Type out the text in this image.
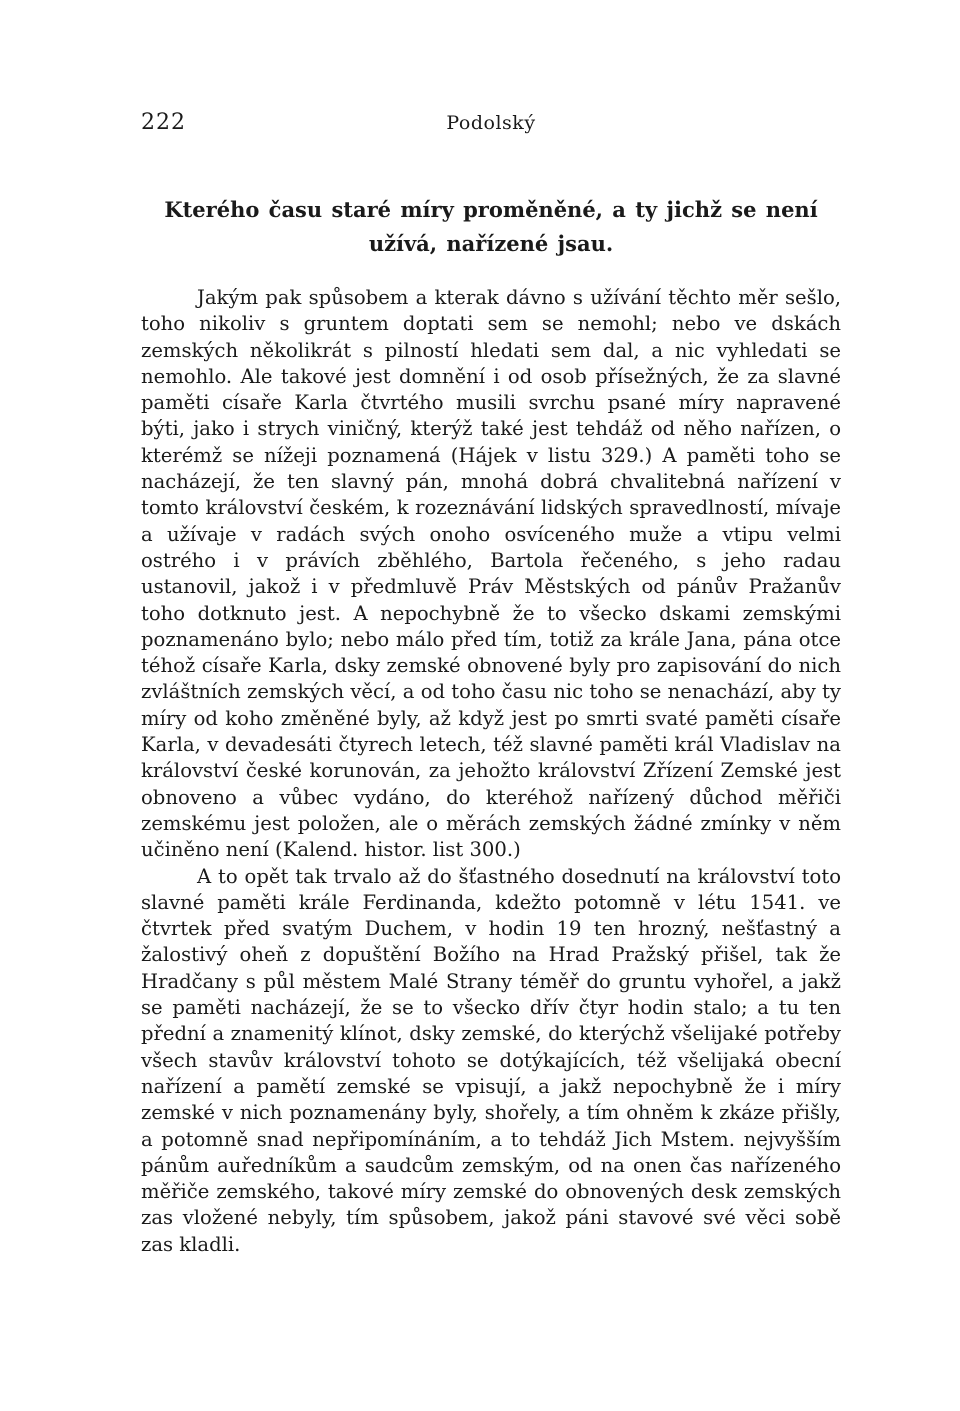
222	Podolský
Kterého času staré míry proměněné, a ty jichž se není užívá, nařízené jsau.

Jakým pak spůsobem a kterak dávno s užívání těchto měr sešlo, toho nikoliv s gruntem doptati sem se nemohl; nebo ve dskách zemských několikrát s pilností hledati sem dal, a nic vyhledati se nemohlo. Ale takové jest domnění i od osob přísežných, že za slavné paměti císaře Karla čtvrtého musili svrchu psané míry napravené býti, jako i strych viničný, kterýž také jest tehdáž od něho nařízen, o kterémž se nížeji poznamená (Hájek v listu 329.) A paměti toho se nacházejí, že ten slavný pán, mnohá dobrá chvalitebná nařízení v tomto království českém, k rozeznávání lidských spravedlností, mívaje a užívaje v radách svých onoho osvíceného muže a vtipu velmi ostrého i v právích zběhlého, Bartola řečeného, s jeho radau ustanovil, jakož i v předmluvě Práv Městských od pánův Pražanův toho dotknuto jest. A nepochybně že to všecko dskami zemskými poznamenáno bylo; nebo málo před tím, totiž za krále Jana, pána otce téhož císaře Karla, dsky zemské obnovené byly pro zapisování do nich zvláštních zemských věcí, a od toho času nic toho se nenachází, aby ty míry od koho změněné byly, až když jest po smrti svaté paměti císaře Karla, v devadesáti čtyrech letech, též slavné paměti král Vladislav na království české korunován, za jehožto království Zřízení Zemské jest obnoveno a vůbec vydáno, do kteréhož nařízený důchod měřiči zemskému jest položen, ale o měrách zemských žádné zmínky v něm učiněno není (Kalend. histor. list 300.)

A to opět tak trvalo až do šťastného dosednutí na království toto slavné paměti krále Ferdinanda, kdežto potomně v létu 1541. ve čtvrtek před svatým Duchem, v hodin 19 ten hrozný, nešťastný a žalostivý oheň z dopuštění Božího na Hrad Pražský přišel, tak že Hradčany s půl městem Malé Strany téměř do gruntu vyhořel, a jakž se paměti nacházejí, že se to všecko dřív čtyr hodin stalo; a tu ten přední a znamenitý klínot, dsky zemské, do kterýchž všelijaké potřeby všech stavův království tohoto se dotýkajících, též všelijaká obecní nařízení a pamětí zemské se vpisují, a jakž nepochybně že i míry zemské v nich poznamenány byly, shořely, a tím ohněm k zkáze přišly, a potomně snad nepřipomínáním, a to tehdáž Jich Mstem. nejvyšším pánům auředníkům a saudcům zemským, od na onen čas nařízeného měřiče zemského, takové míry zemské do obnovených desk zemských zas vložené nebyly, tím spůsobem, jakož páni stavové své věci sobě zas kladli.
